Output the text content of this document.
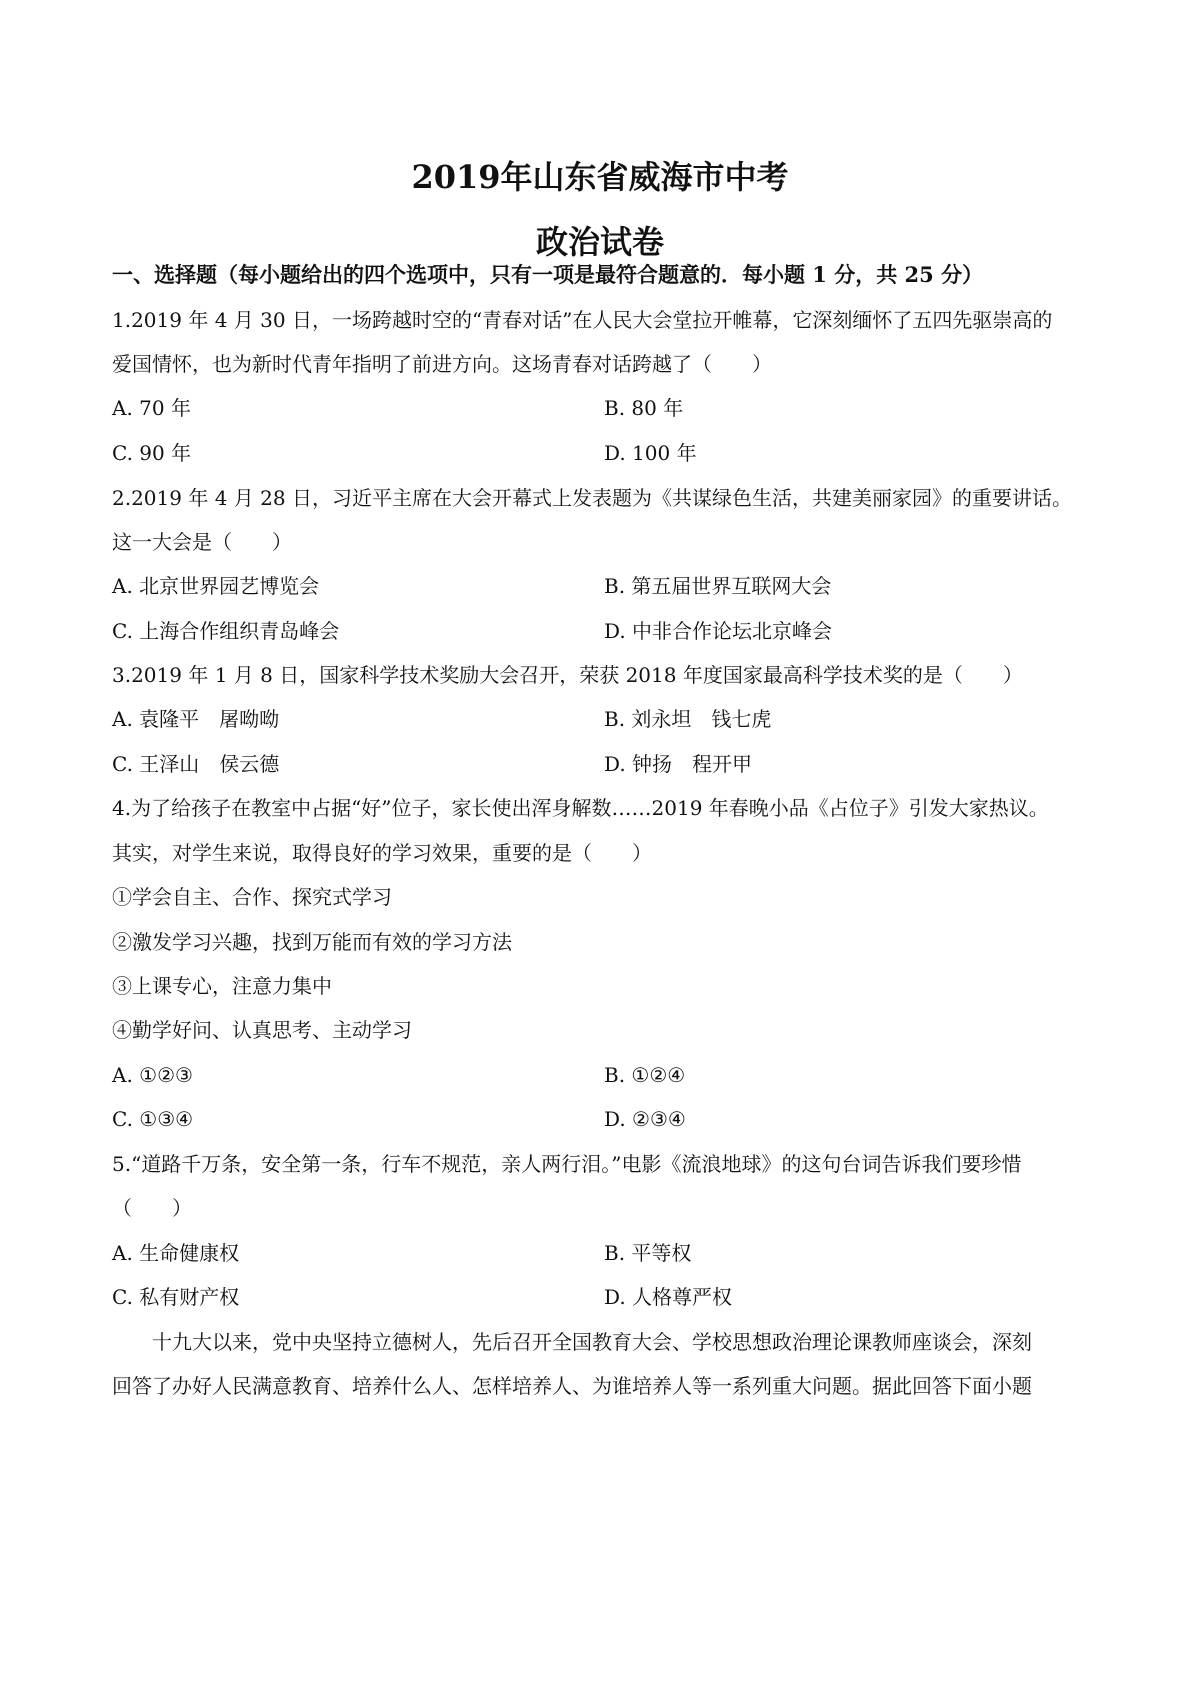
2019年山东省威海市中考
政治试卷
一、选择题（每小题给出的四个选项中，只有一项是最符合题意的．每小题 1 分，共 25 分）
1.2019 年 4 月 30 日，一场跨越时空的“青春对话”在人民大会堂拉开帷幕，它深刻缅怀了五四先驱崇高的
爱国情怀，也为新时代青年指明了前进方向。这场青春对话跨越了（　　）
A. 70 年	B. 80 年
C. 90 年	D. 100 年
2.2019 年 4 月 28 日，习近平主席在大会开幕式上发表题为《共谋绿色生活，共建美丽家园》的重要讲话。
这一大会是（　　）
A. 北京世界园艺博览会	B. 第五届世界互联网大会
C. 上海合作组织青岛峰会	D. 中非合作论坛北京峰会
3.2019 年 1 月 8 日，国家科学技术奖励大会召开，荣获 2018 年度国家最高科学技术奖的是（　　）
A. 袁隆平　屠呦呦	B. 刘永坦　钱七虎
C. 王泽山　侯云德	D. 钟扬　程开甲
4.为了给孩子在教室中占据“好”位子，家长使出浑身解数……2019 年春晚小品《占位子》引发大家热议。
其实，对学生来说，取得良好的学习效果，重要的是（　　）
①学会自主、合作、探究式学习
②激发学习兴趣，找到万能而有效的学习方法
③上课专心，注意力集中
④勤学好问、认真思考、主动学习
A. ①②③	B. ①②④
C. ①③④	D. ②③④
5.“道路千万条，安全第一条，行车不规范，亲人两行泪。”电影《流浪地球》的这句台词告诉我们要珍惜
（　　）
A. 生命健康权	B. 平等权
C. 私有财产权	D. 人格尊严权
十九大以来，党中央坚持立德树人，先后召开全国教育大会、学校思想政治理论课教师座谈会，深刻
回答了办好人民满意教育、培养什么人、怎样培养人、为谁培养人等一系列重大问题。据此回答下面小题
